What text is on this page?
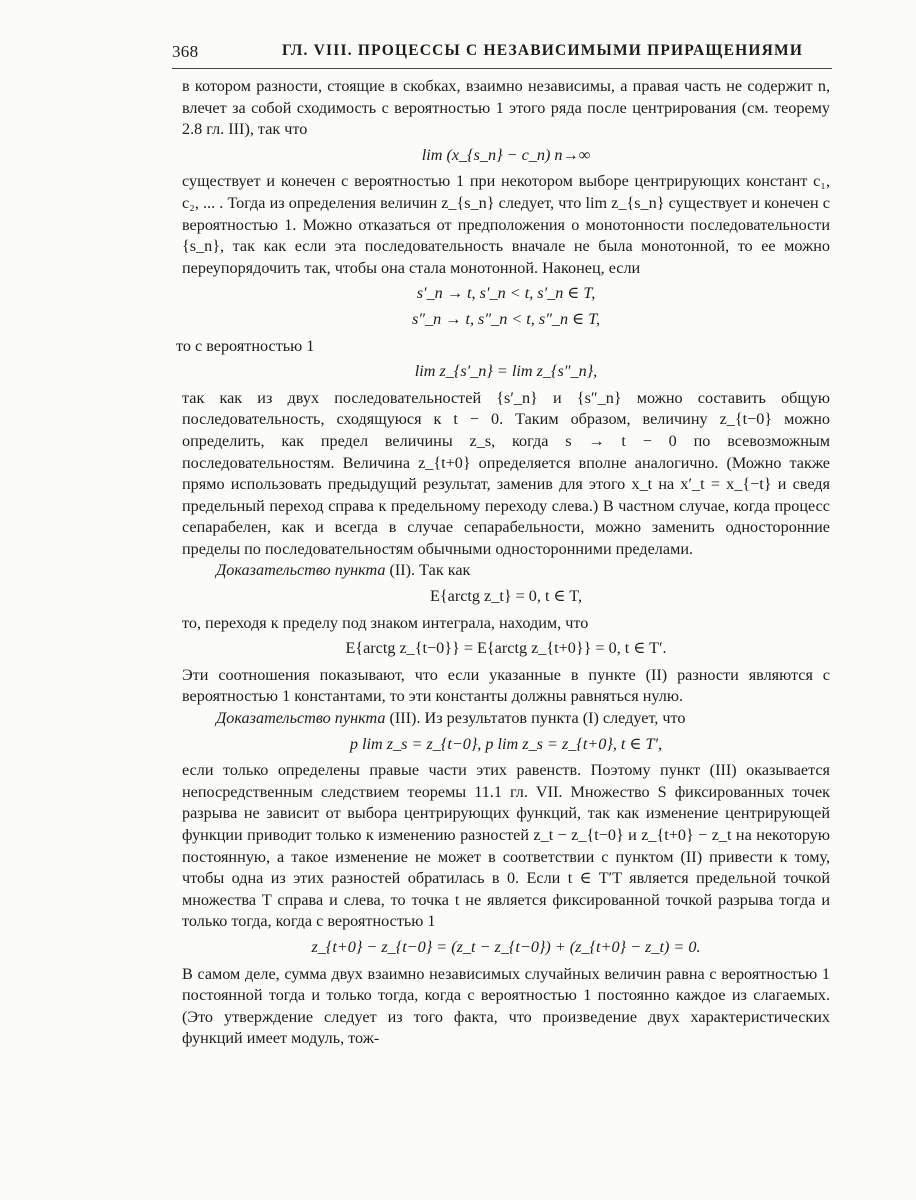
368	ГЛ. VIII. ПРОЦЕССЫ С НЕЗАВИСИМЫМИ ПРИРАЩЕНИЯМИ

в котором разности, стоящие в скобках, взаимно независимы, а правая часть не содержит n, влечет за собой сходимость с вероятностью 1 этого ряда после центрирования (см. теорему 2.8 гл. III), так что

lim (x_{s_n} − c_n) n→∞

существует и конечен с вероятностью 1 при некотором выборе центрирующих констант c₁, c₂, ... . Тогда из определения величин z_{s_n} следует, что lim z_{s_n} существует и конечен с вероятностью 1. Можно отказаться от предположения о монотонности последовательности {s_n}, так как если эта последовательность вначале не была монотонной, то ее можно переупорядочить так, чтобы она стала монотонной. Наконец, если

s′_n → t, s′_n < t, s′_n ∈ T,
s″_n → t, s″_n < t, s″_n ∈ T,

то с вероятностью 1

lim z_{s′_n} = lim z_{s″_n},

так как из двух последовательностей {s′_n} и {s″_n} можно составить общую последовательность, сходящуюся к t − 0. Таким образом, величину z_{t−0} можно определить, как предел величины z_s, когда s → t − 0 по всевозможным последовательностям. Величина z_{t+0} определяется вполне аналогично. (Можно также прямо использовать предыдущий результат, заменив для этого x_t на x′_t = x_{−t} и сведя предельный переход справа к предельному переходу слева.) В частном случае, когда процесс сепарабелен, как и всегда в случае сепарабельности, можно заменить односторонние пределы по последовательностям обычными односторонними пределами.

Доказательство пункта (II). Так как

E{arctg z_t} = 0, t ∈ T,

то, переходя к пределу под знаком интеграла, находим, что

E{arctg z_{t−0}} = E{arctg z_{t+0}} = 0, t ∈ T′.

Эти соотношения показывают, что если указанные в пункте (II) разности являются с вероятностью 1 константами, то эти константы должны равняться нулю.

Доказательство пункта (III). Из результатов пункта (I) следует, что

p lim z_s = z_{t−0}, p lim z_s = z_{t+0}, t ∈ T′,

если только определены правые части этих равенств. Поэтому пункт (III) оказывается непосредственным следствием теоремы 11.1 гл. VII. Множество S фиксированных точек разрыва не зависит от выбора центрирующих функций, так как изменение центрирующей функции приводит только к изменению разностей z_t − z_{t−0} и z_{t+0} − z_t на некоторую постоянную, а такое изменение не может в соответствии с пунктом (II) привести к тому, чтобы одна из этих разностей обратилась в 0. Если t ∈ T′T является предельной точкой множества T справа и слева, то точка t не является фиксированной точкой разрыва тогда и только тогда, когда с вероятностью 1

z_{t+0} − z_{t−0} = (z_t − z_{t−0}) + (z_{t+0} − z_t) = 0.

В самом деле, сумма двух взаимно независимых случайных величин равна с вероятностью 1 постоянной тогда и только тогда, когда с вероятностью 1 постоянно каждое из слагаемых. (Это утверждение следует из того факта, что произведение двух характеристических функций имеет модуль, тож-
